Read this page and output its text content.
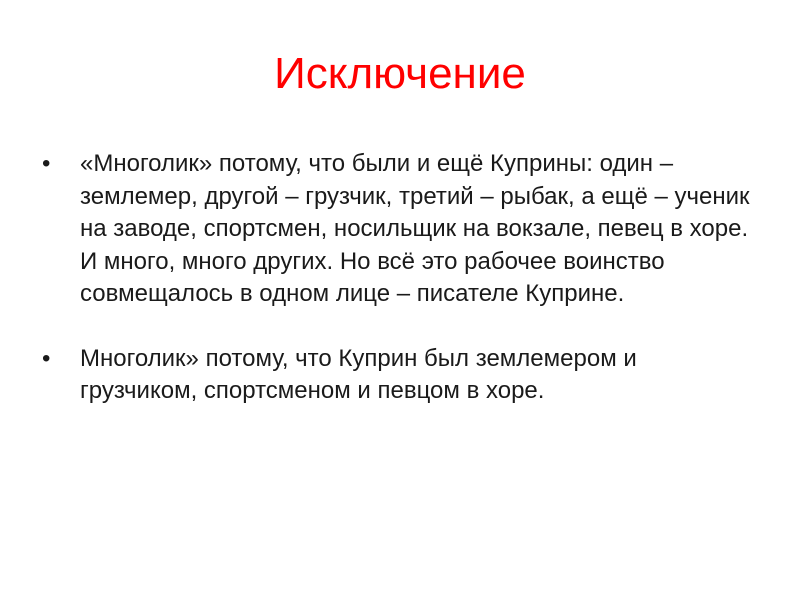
Исключение
• «Многолик» потому, что были и ещё Куприны: один – землемер, другой – грузчик, третий – рыбак, а ещё – ученик на заводе, спортсмен, носильщик на вокзале, певец в хоре. И много, много других. Но всё это рабочее воинство совмещалось в одном лице – писателе Куприне.
• Многолик» потому, что Куприн был землемером и грузчиком, спортсменом и певцом в хоре.
